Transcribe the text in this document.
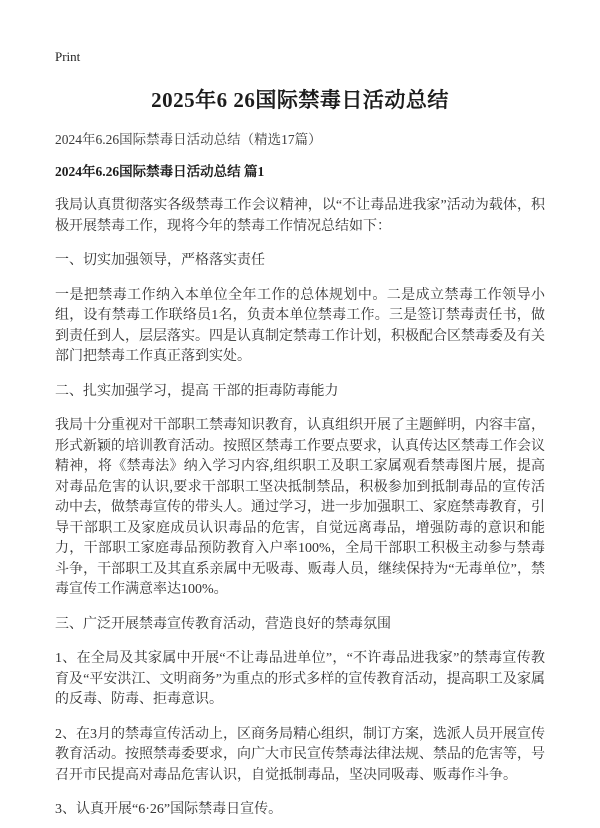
Print
2025年6 26国际禁毒日活动总结
2024年6.26国际禁毒日活动总结（精选17篇）
2024年6.26国际禁毒日活动总结 篇1

我局认真贯彻落实各级禁毒工作会议精神，以“不让毒品进我家”活动为载体，积极开展禁毒工作，现将今年的禁毒工作情况总结如下：

一、切实加强领导，严格落实责任

一是把禁毒工作纳入本单位全年工作的总体规划中。二是成立禁毒工作领导小组，设有禁毒工作联络员1名，负责本单位禁毒工作。三是签订禁毒责任书，做到责任到人，层层落实。四是认真制定禁毒工作计划，积极配合区禁毒委及有关部门把禁毒工作真正落到实处。

二、扎实加强学习，提高 干部的拒毒防毒能力

我局十分重视对干部职工禁毒知识教育，认真组织开展了主题鲜明，内容丰富，形式新颖的培训教育活动。按照区禁毒工作要点要求，认真传达区禁毒工作会议精神，将《禁毒法》纳入学习内容,组织职工及职工家属观看禁毒图片展，提高对毒品危害的认识,要求干部职工坚决抵制禁品，积极参加到抵制毒品的宣传活动中去，做禁毒宣传的带头人。通过学习，进一步加强职工、家庭禁毒教育，引导干部职工及家庭成员认识毒品的危害，自觉远离毒品，增强防毒的意识和能力，干部职工家庭毒品预防教育入户率100%，全局干部职工积极主动参与禁毒斗争，干部职工及其直系亲属中无吸毒、贩毒人员，继续保持为“无毒单位”，禁毒宣传工作满意率达100%。

三、广泛开展禁毒宣传教育活动，营造良好的禁毒氛围

1、在全局及其家属中开展“不让毒品进单位”，“不许毒品进我家”的禁毒宣传教育及“平安洪江、文明商务”为重点的形式多样的宣传教育活动，提高职工及家属的反毒、防毒、拒毒意识。

2、在3月的禁毒宣传活动上，区商务局精心组织，制订方案，选派人员开展宣传教育活动。按照禁毒委要求，向广大市民宣传禁毒法律法规、禁品的危害等，号召开市民提高对毒品危害认识，自觉抵制毒品，坚决同吸毒、贩毒作斗争。

3、认真开展“6·26”国际禁毒日宣传。
